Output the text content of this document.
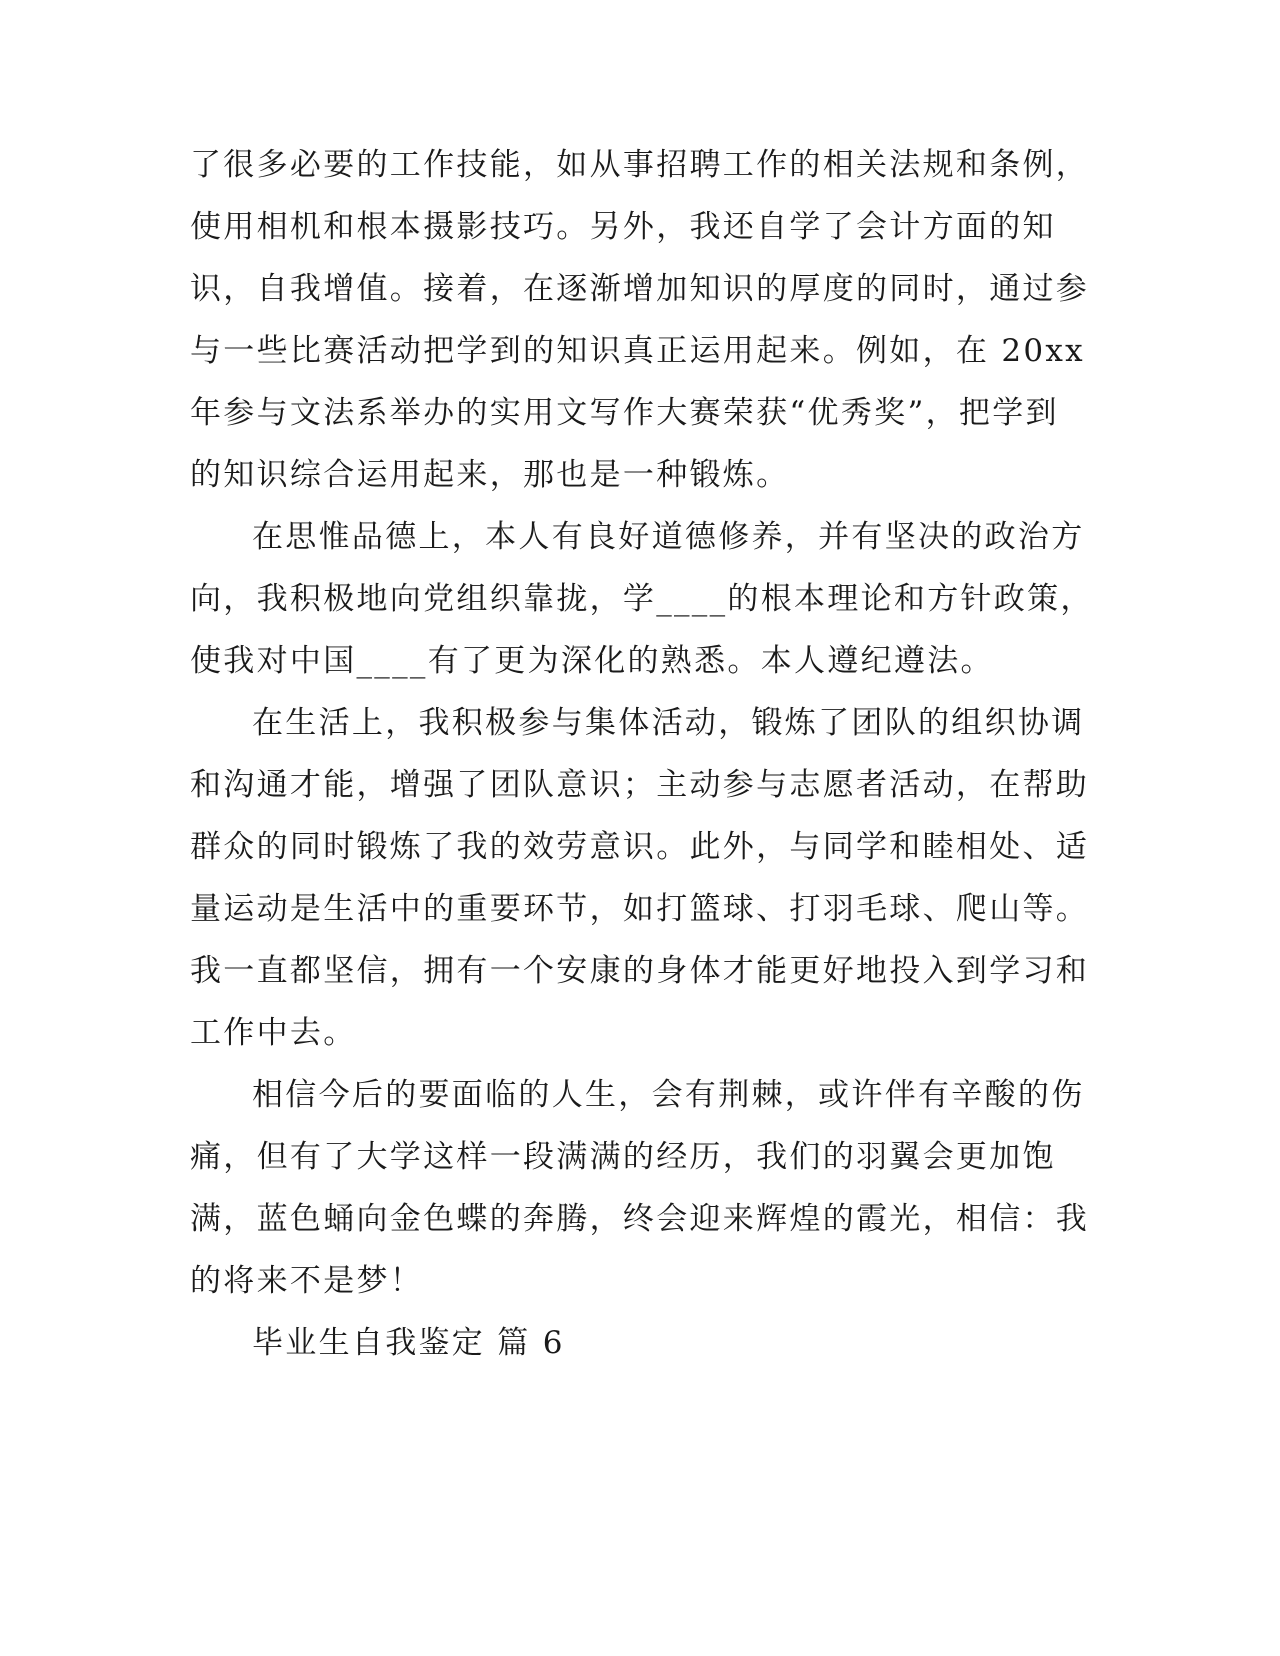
了很多必要的工作技能，如从事招聘工作的相关法规和条例，
使用相机和根本摄影技巧。另外，我还自学了会计方面的知
识，自我增值。接着，在逐渐增加知识的厚度的同时，通过参
与一些比赛活动把学到的知识真正运用起来。例如，在 20xx
年参与文法系举办的实用文写作大赛荣获“优秀奖”，把学到
的知识综合运用起来，那也是一种锻炼。
在思惟品德上，本人有良好道德修养，并有坚决的政治方
向，我积极地向党组织靠拢，学____的根本理论和方针政策，
使我对中国____有了更为深化的熟悉。本人遵纪遵法。
在生活上，我积极参与集体活动，锻炼了团队的组织协调
和沟通才能，增强了团队意识；主动参与志愿者活动，在帮助
群众的同时锻炼了我的效劳意识。此外，与同学和睦相处、适
量运动是生活中的重要环节，如打篮球、打羽毛球、爬山等。
我一直都坚信，拥有一个安康的身体才能更好地投入到学习和
工作中去。
相信今后的要面临的人生，会有荆棘，或许伴有辛酸的伤
痛，但有了大学这样一段满满的经历，我们的羽翼会更加饱
满，蓝色蛹向金色蝶的奔腾，终会迎来辉煌的霞光，相信：我
的将来不是梦！
毕业生自我鉴定 篇 6
